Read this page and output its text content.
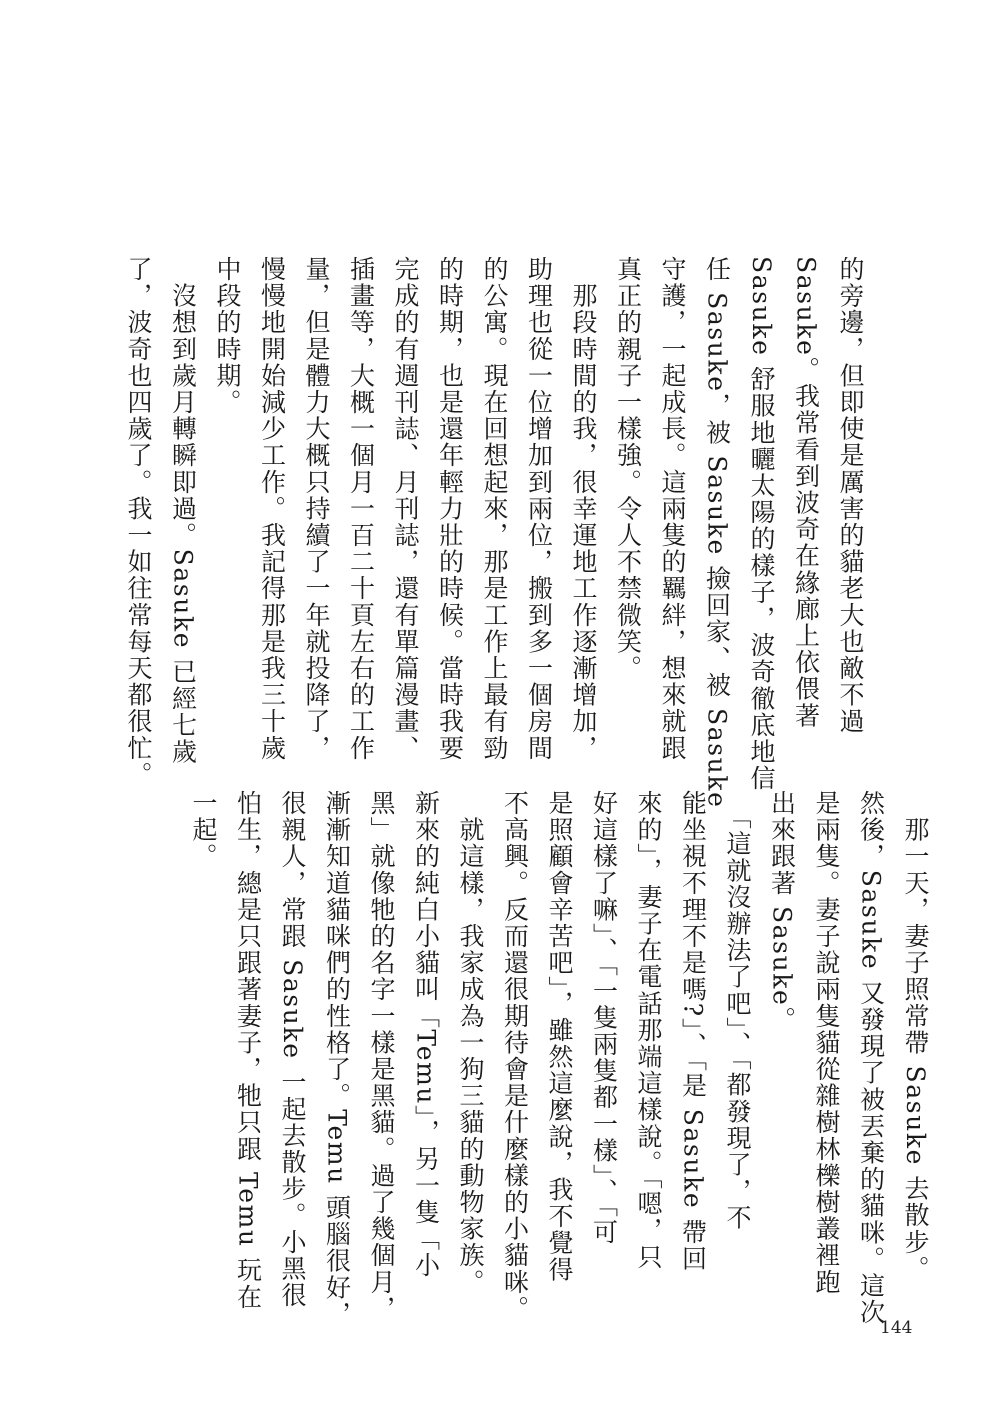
的旁邊，但即使是厲害的貓老大也敵不過
Sasuke。我常看到波奇在緣廊上依偎著
Sasuke 舒服地曬太陽的樣子，波奇徹底地信
任 Sasuke，被 Sasuke 撿回家、被 Sasuke
守護，一起成長。這兩隻的羈絆，想來就跟
真正的親子一樣強。令人不禁微笑。
　那段時間的我，很幸運地工作逐漸增加，
助理也從一位增加到兩位，搬到多一個房間
的公寓。現在回想起來，那是工作上最有勁
的時期，也是還年輕力壯的時候。當時我要
完成的有週刊誌、月刊誌，還有單篇漫畫、
插畫等，大概一個月一百二十頁左右的工作
量，但是體力大概只持續了一年就投降了，
慢慢地開始減少工作。我記得那是我三十歲
中段的時期。
　沒想到歲月轉瞬即過。Sasuke 已經七歲
了，波奇也四歲了。我一如往常每天都很忙。
　那一天，妻子照常帶 Sasuke 去散步。
然後，Sasuke 又發現了被丟棄的貓咪。這次
是兩隻。妻子說兩隻貓從雜樹林櫟樹叢裡跑
出來跟著 Sasuke。
　「這就沒辦法了吧」、「都發現了，不
能坐視不理不是嗎?」、「是 Sasuke 帶回
來的」，妻子在電話那端這樣說。「嗯，只
好這樣了嘛」、「一隻兩隻都一樣」、「可
是照顧會辛苦吧」，雖然這麼說，我不覺得
不高興。反而還很期待會是什麼樣的小貓咪。
　就這樣，我家成為一狗三貓的動物家族。
新來的純白小貓叫「Temu」，另一隻「小
黑」就像牠的名字一樣是黑貓。過了幾個月，
漸漸知道貓咪們的性格了。Temu 頭腦很好，
很親人，常跟 Sasuke 一起去散步。小黑很
怕生，總是只跟著妻子，牠只跟 Temu 玩在
一起。
144
